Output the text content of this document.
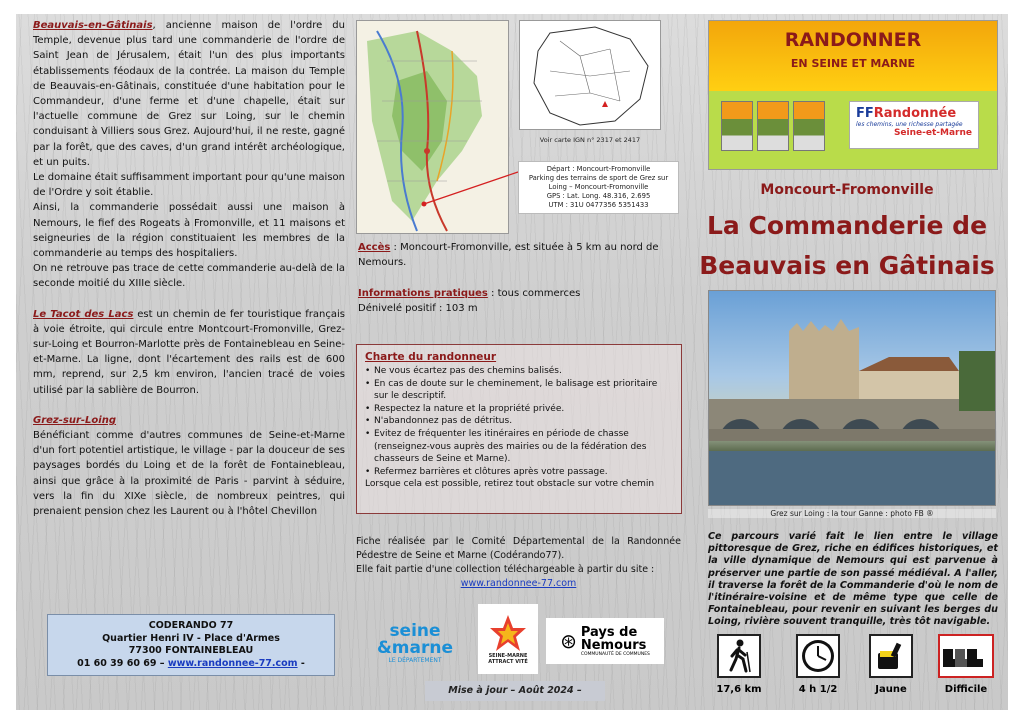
Beauvais-en-Gâtinais, ancienne maison de l'ordre du Temple, devenue plus tard une commanderie de l'ordre de Saint Jean de Jérusalem, était l'un des plus importants établissements féodaux de la contrée. La maison du Temple de Beauvais-en-Gâtinais, constituée d'une habitation pour le Commandeur, d'une ferme et d'une chapelle, était sur l'actuelle commune de Grez sur Loing, sur le chemin conduisant à Villiers sous Grez. Aujourd'hui, il ne reste, gagné par la forêt, que des caves, d'un grand intérêt archéologique, et un puits.

Le domaine était suffisamment important pour qu'une maison de l'Ordre y soit établie.

Ainsi, la commanderie possédait aussi une maison à Nemours, le fief des Rogeats à Fromonville, et 11 maisons et seigneuries de la région constituaient les membres de la commanderie au temps des hospitaliers.

On ne retrouve pas trace de cette commanderie au-delà de la seconde moitié du XIIIe siècle.

Le Tacot des Lacs est un chemin de fer touristique français à voie étroite, qui circule entre Montcourt-Fromonville, Grez-sur-Loing et Bourron-Marlotte près de Fontainebleau en Seine-et-Marne. La ligne, dont l'écartement des rails est de 600 mm, reprend, sur 2,5 km environ, l'ancien tracé de voies utilisé par la sablière de Bourron.

Grez-sur-Loing

Bénéficiant comme d'autres communes de Seine-et-Marne d'un fort potentiel artistique, le village - par la douceur de ses paysages bordés du Loing et de la forêt de Fontainebleau, ainsi que grâce à la proximité de Paris - parvint à séduire, vers la fin du XIXe siècle, de nombreux peintres, qui prenaient pension chez les Laurent ou à l'hôtel Chevillon

CODERANDO 77

Quartier Henri IV - Place d'Armes

77300 FONTAINEBLEAU

01 60 39 60 69 – www.randonnee-77.com -

Voir carte IGN n° 2317 et 2417
Départ : Moncourt-Fromonville
Parking des terrains de sport de Grez sur Loing – Moncourt-Fromonville
GPS : Lat. Long. 48.316, 2.695
UTM : 31U 0477356 5351433

Accès : Moncourt-Fromonville, est située à 5 km au nord de Nemours.

Informations pratiques : tous commerces

Dénivelé positif : 103 m

Charte du randonneur
• Ne vous écartez pas des chemins balisés.
• En cas de doute sur le cheminement, le balisage est prioritaire sur le descriptif.
• Respectez la nature et la propriété privée.
• N'abandonnez pas de détritus.
• Evitez de fréquenter les itinéraires en période de chasse (renseignez-vous auprès des mairies ou de la fédération des chasseurs de Seine et Marne).
• Refermez barrières et clôtures après votre passage.

Lorsque cela est possible, retirez tout obstacle sur votre chemin

Fiche réalisée par le Comité Départemental de la Randonnée Pédestre de Seine et Marne (Codérando77).

Elle fait partie d'une collection téléchargeable à partir du site :

www.randonnee-77.com

seine
&marne
LE DÉPARTEMENT
SEINE-MARNE ATTRACT VITÉ
⊛ Pays de
Nemours
COMMUNAUTÉ DE COMMUNES
Mise à jour – Août 2024 –
RANDONNER
EN SEINE ET MARNE
FFRandonnée
les chemins, une richesse partagée
Seine-et-Marne
Moncourt-Fromonville
La Commanderie de
Beauvais en Gâtinais
Grez sur Loing : la tour Ganne : photo FB ®
Ce parcours varié fait le lien entre le village pittoresque de Grez, riche en édifices historiques, et la ville dynamique de Nemours qui est parvenue à préserver une partie de son passé médiéval. A l'aller, il traverse la forêt de la Commanderie d'où le nom de l'itinéraire-voisine et de même type que celle de Fontainebleau, pour revenir en suivant les berges du Loing, rivière souvent tranquille, très tôt navigable.
17,6 km	4 h 1/2	Jaune	Difficile
